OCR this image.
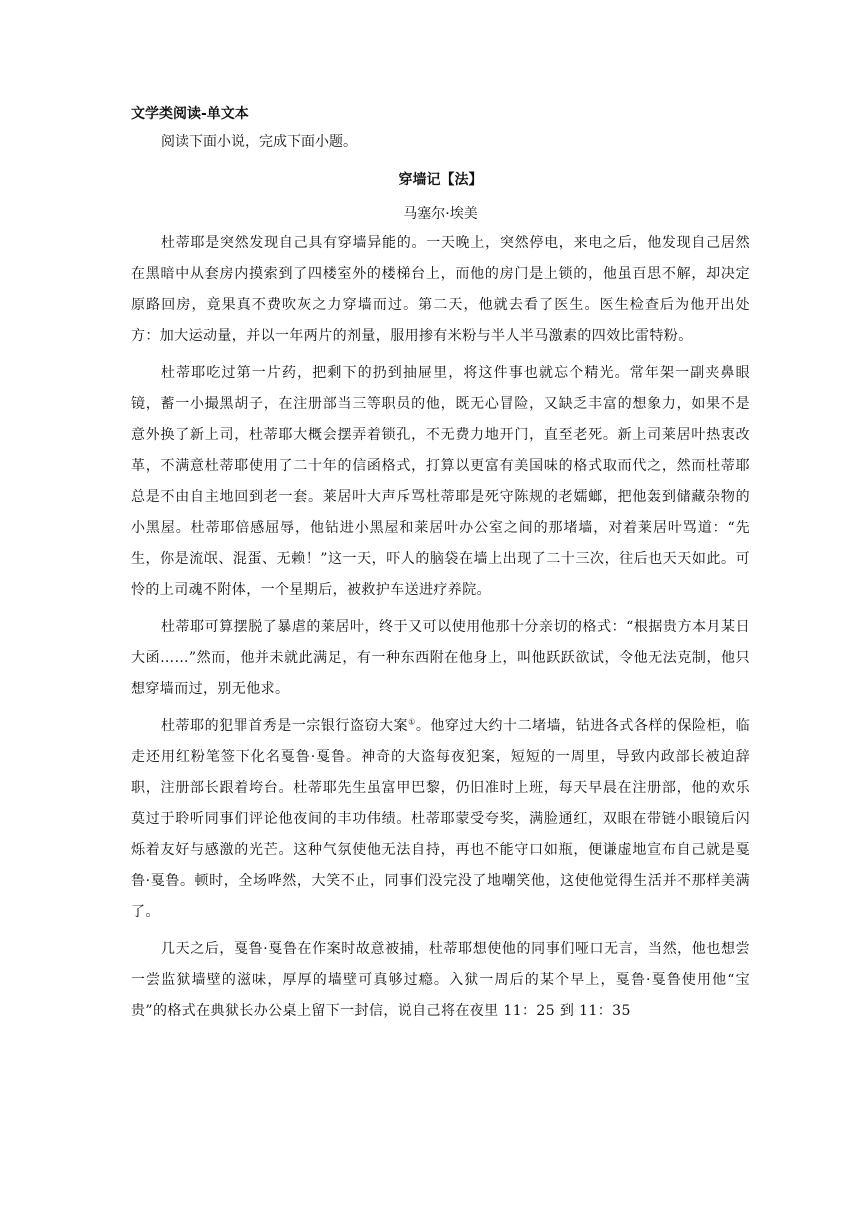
文学类阅读-单文本

阅读下面小说，完成下面小题。

穿墙记【法】

马塞尔·埃美

杜蒂耶是突然发现自己具有穿墙异能的。一天晚上，突然停电，来电之后，他发现自己居然在黑暗中从套房内摸索到了四楼室外的楼梯台上，而他的房门是上锁的，他虽百思不解，却决定原路回房，竟果真不费吹灰之力穿墙而过。第二天，他就去看了医生。医生检查后为他开出处方：加大运动量，并以一年两片的剂量，服用掺有米粉与半人半马激素的四效比雷特粉。

杜蒂耶吃过第一片药，把剩下的扔到抽屉里，将这件事也就忘个精光。常年架一副夹鼻眼镜，蓄一小撮黑胡子，在注册部当三等职员的他，既无心冒险，又缺乏丰富的想象力，如果不是意外换了新上司，杜蒂耶大概会摆弄着锁孔，不无费力地开门，直至老死。新上司莱居叶热衷改革，不满意杜蒂耶使用了二十年的信函格式，打算以更富有美国味的格式取而代之，然而杜蒂耶总是不由自主地回到老一套。莱居叶大声斥骂杜蒂耶是死守陈规的老嬬螂，把他轰到储藏杂物的小黑屋。杜蒂耶倍感屈辱，他钻进小黑屋和莱居叶办公室之间的那堵墙，对着莱居叶骂道：“先生，你是流氓、混蛋、无赖！”这一天，吓人的脑袋在墙上出现了二十三次，往后也天天如此。可怜的上司魂不附体，一个星期后，被救护车送进疗养院。

杜蒂耶可算摆脱了暴虐的莱居叶，终于又可以使用他那十分亲切的格式：“根据贵方本月某日大函……”然而，他并未就此满足，有一种东西附在他身上，叫他跃跃欲试，令他无法克制，他只想穿墙而过，别无他求。

杜蒂耶的犯罪首秀是一宗银行盗窃大案①。他穿过大约十二堵墙，钻进各式各样的保险柜，临走还用红粉笔签下化名戛鲁·戛鲁。神奇的大盗每夜犯案，短短的一周里，导致内政部长被迫辞职，注册部长跟着垮台。杜蒂耶先生虽富甲巴黎，仍旧准时上班，每天早晨在注册部，他的欢乐莫过于聆听同事们评论他夜间的丰功伟绩。杜蒂耶蒙受夸奖，满脸通红，双眼在带链小眼镜后闪烁着友好与感激的光芒。这种气氛使他无法自持，再也不能守口如瓶，便谦虚地宣布自己就是戛鲁·戛鲁。顿时，全场哗然，大笑不止，同事们没完没了地嘲笑他，这使他觉得生活并不那样美满了。

几天之后，戛鲁·戛鲁在作案时故意被捕，杜蒂耶想使他的同事们哑口无言，当然，他也想尝一尝监狱墙壁的滋味，厚厚的墙壁可真够过瘾。入狱一周后的某个早上，戛鲁·戛鲁使用他“宝贵”的格式在典狱长办公桌上留下一封信，说自己将在夜里 11：25 到 11：35
